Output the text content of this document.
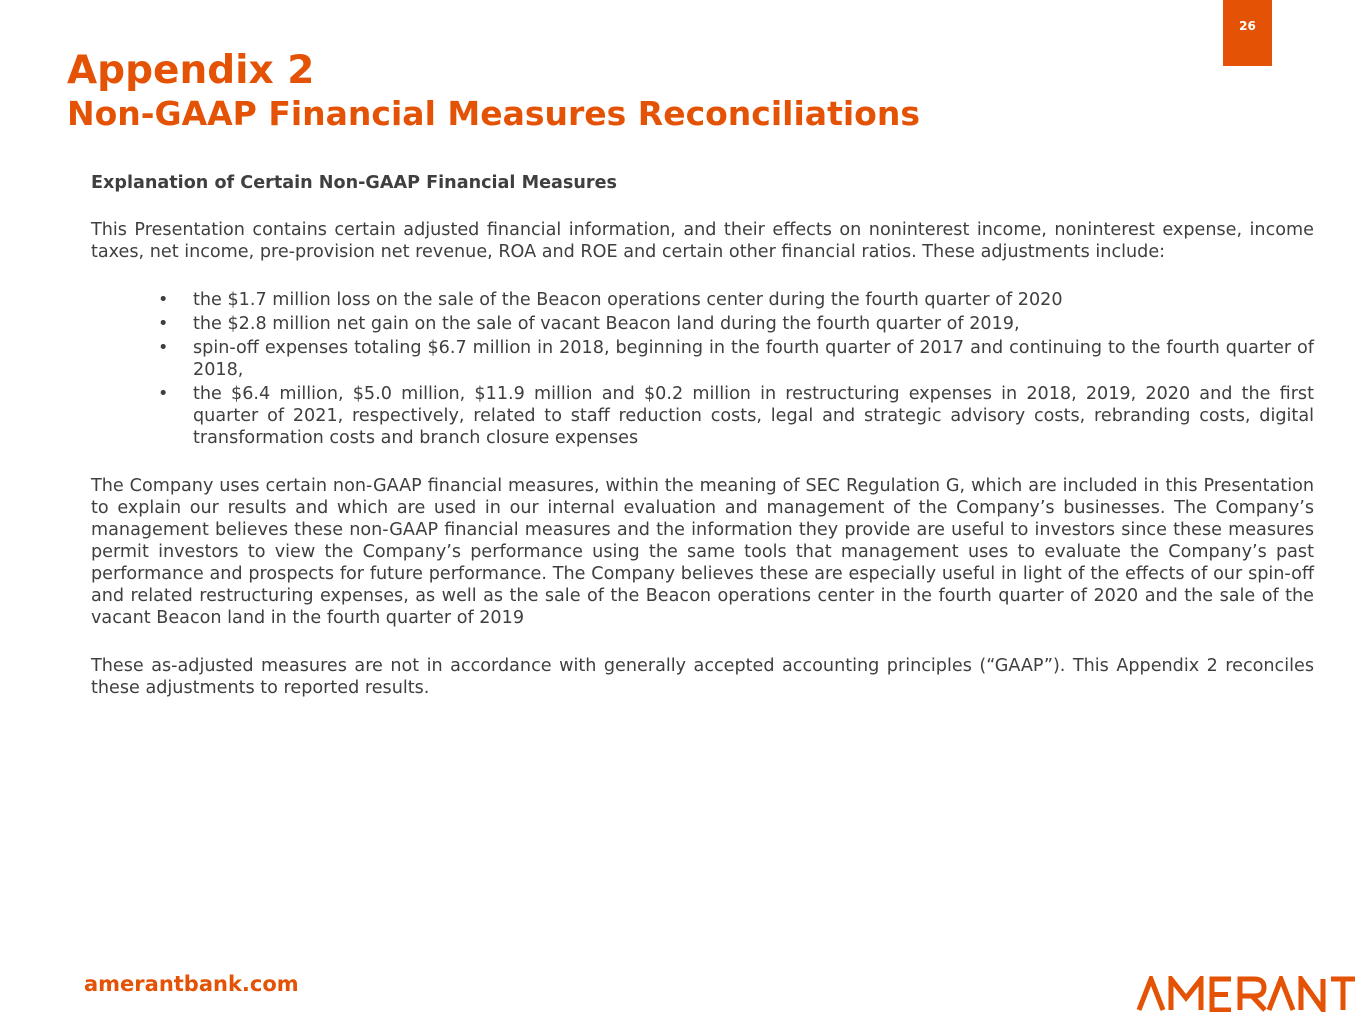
26
Appendix 2
Non-GAAP Financial Measures Reconciliations

Explanation of Certain Non-GAAP Financial Measures

This Presentation contains certain adjusted financial information, and their effects on noninterest income, noninterest expense, income taxes, net income, pre-provision net revenue, ROA and ROE and certain other financial ratios. These adjustments include:

• the $1.7 million loss on the sale of the Beacon operations center during the fourth quarter of 2020
• the $2.8 million net gain on the sale of vacant Beacon land during the fourth quarter of 2019,
• spin-off expenses totaling $6.7 million in 2018, beginning in the fourth quarter of 2017 and continuing to the fourth quarter of 2018,
• the $6.4 million, $5.0 million, $11.9 million and $0.2 million in restructuring expenses in 2018, 2019, 2020 and the first quarter of 2021, respectively, related to staff reduction costs, legal and strategic advisory costs, rebranding costs, digital transformation costs and branch closure expenses

The Company uses certain non-GAAP financial measures, within the meaning of SEC Regulation G, which are included in this Presentation to explain our results and which are used in our internal evaluation and management of the Company’s businesses. The Company’s management believes these non-GAAP financial measures and the information they provide are useful to investors since these measures permit investors to view the Company’s performance using the same tools that management uses to evaluate the Company’s past performance and prospects for future performance. The Company believes these are especially useful in light of the effects of our spin-off and related restructuring expenses, as well as the sale of the Beacon operations center in the fourth quarter of 2020 and the sale of the vacant Beacon land in the fourth quarter of 2019

These as-adjusted measures are not in accordance with generally accepted accounting principles (“GAAP”). This Appendix 2 reconciles these adjustments to reported results.

amerantbank.com
